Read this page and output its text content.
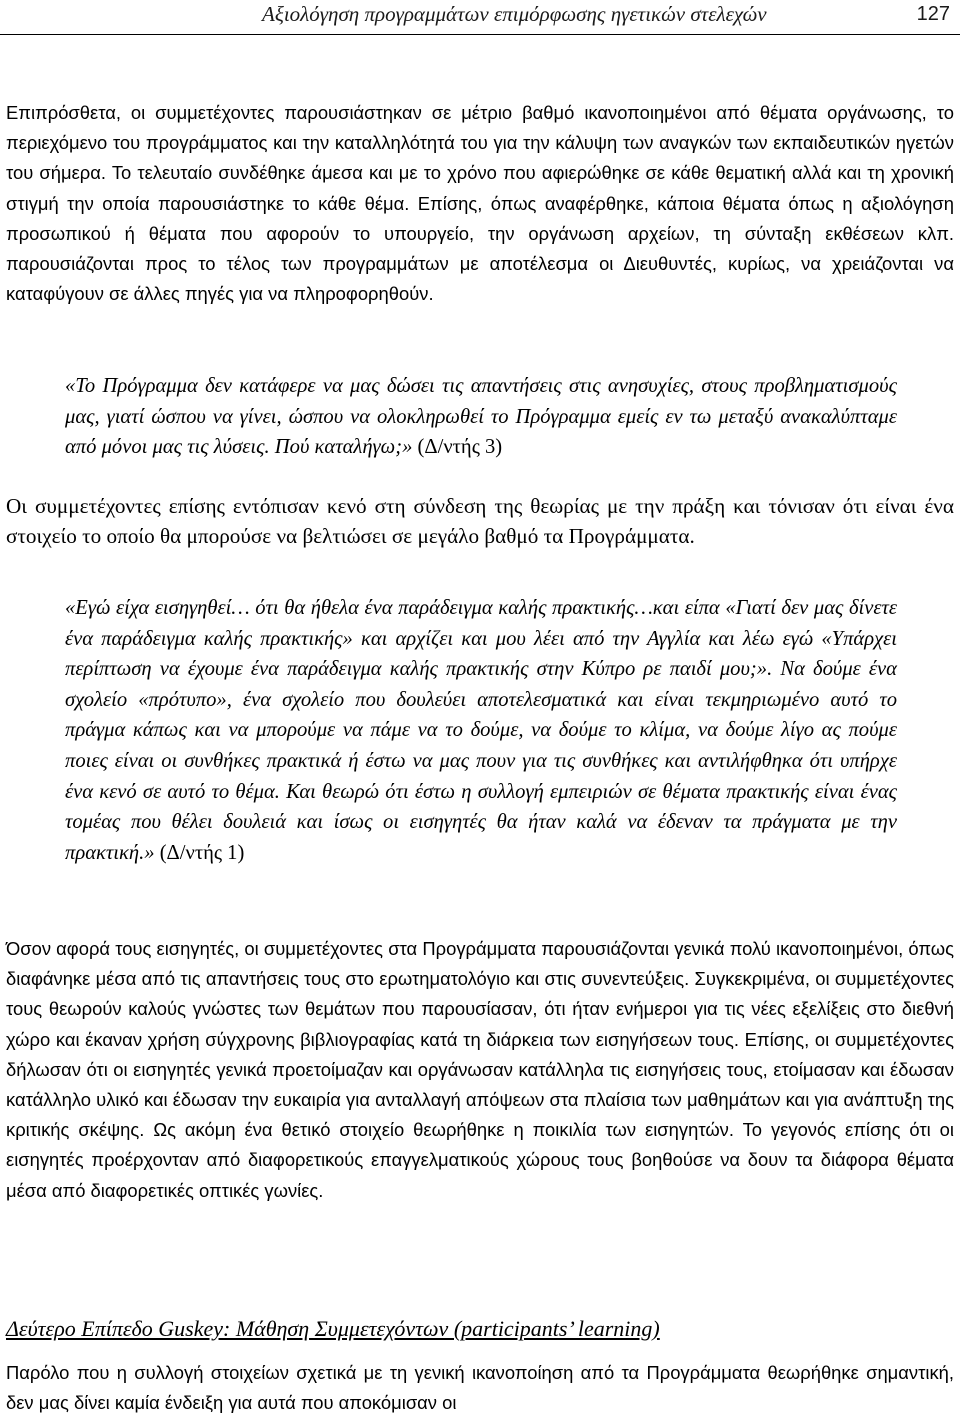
Αξιολόγηση προγραμμάτων επιμόρφωσης ηγετικών στελεχών	127

Επιπρόσθετα, οι συμμετέχοντες παρουσιάστηκαν σε μέτριο βαθμό ικανοποιημένοι από θέματα οργάνωσης, το περιεχόμενο του προγράμματος και την καταλληλότητά του για την κάλυψη των αναγκών των εκπαιδευτικών ηγετών του σήμερα. Το τελευταίο συνδέθηκε άμεσα και με το χρόνο που αφιερώθηκε σε κάθε θεματική αλλά και τη χρονική στιγμή την οποία παρουσιάστηκε το κάθε θέμα. Επίσης, όπως αναφέρθηκε, κάποια θέματα όπως η αξιολόγηση προσωπικού ή θέματα που αφορούν το υπουργείο, την οργάνωση αρχείων, τη σύνταξη εκθέσεων κλπ. παρουσιάζονται προς το τέλος των προγραμμάτων με αποτέλεσμα οι Διευθυντές, κυρίως, να χρειάζονται να καταφύγουν σε άλλες πηγές για να πληροφορηθούν.

«Το Πρόγραμμα δεν κατάφερε να μας δώσει τις απαντήσεις στις ανησυχίες, στους προβληματισμούς μας, γιατί ώσπου να γίνει, ώσπου να ολοκληρωθεί το Πρόγραμμα εμείς εν τω μεταξύ ανακαλύπταμε από μόνοι μας τις λύσεις. Πού καταλήγω;» (Δ/ντής 3)

Οι συμμετέχοντες επίσης εντόπισαν κενό στη σύνδεση της θεωρίας με την πράξη και τόνισαν ότι είναι ένα στοιχείο το οποίο θα μπορούσε να βελτιώσει σε μεγάλο βαθμό τα Προγράμματα.

«Εγώ είχα εισηγηθεί… ότι θα ήθελα ένα παράδειγμα καλής πρακτικής…και είπα «Γιατί δεν μας δίνετε ένα παράδειγμα καλής πρακτικής» και αρχίζει και μου λέει από την Αγγλία και λέω εγώ «Υπάρχει περίπτωση να έχουμε ένα παράδειγμα καλής πρακτικής στην Κύπρο ρε παιδί μου;». Να δούμε ένα σχολείο «πρότυπο», ένα σχολείο που δουλεύει αποτελεσματικά και είναι τεκμηριωμένο αυτό το πράγμα κάπως και να μπορούμε να πάμε να το δούμε, να δούμε το κλίμα, να δούμε λίγο ας πούμε ποιες είναι οι συνθήκες πρακτικά ή έστω να μας πουν για τις συνθήκες και αντιλήφθηκα ότι υπήρχε ένα κενό σε αυτό το θέμα. Και θεωρώ ότι έστω η συλλογή εμπειριών σε θέματα πρακτικής είναι ένας τομέας που θέλει δουλειά και ίσως οι εισηγητές θα ήταν καλά να έδεναν τα πράγματα με την πρακτική.» (Δ/ντής 1)

Όσον αφορά τους εισηγητές, οι συμμετέχοντες στα Προγράμματα παρουσιάζονται γενικά πολύ ικανοποιημένοι, όπως διαφάνηκε μέσα από τις απαντήσεις τους στο ερωτηματολόγιο και στις συνεντεύξεις. Συγκεκριμένα, οι συμμετέχοντες τους θεωρούν καλούς γνώστες των θεμάτων που παρουσίασαν, ότι ήταν ενήμεροι για τις νέες εξελίξεις στο διεθνή χώρο και έκαναν χρήση σύγχρονης βιβλιογραφίας κατά τη διάρκεια των εισηγήσεων τους. Επίσης, οι συμμετέχοντες δήλωσαν ότι οι εισηγητές γενικά προετοίμαζαν και οργάνωσαν κατάλληλα τις εισηγήσεις τους, ετοίμασαν και έδωσαν κατάλληλο υλικό και έδωσαν την ευκαιρία για ανταλλαγή απόψεων στα πλαίσια των μαθημάτων και για ανάπτυξη της κριτικής σκέψης. Ως ακόμη ένα θετικό στοιχείο θεωρήθηκε η ποικιλία των εισηγητών. Το γεγονός επίσης ότι οι εισηγητές προέρχονταν από διαφορετικούς επαγγελματικούς χώρους τους βοηθούσε να δουν τα διάφορα θέματα μέσα από διαφορετικές οπτικές γωνίες.

Δεύτερο Επίπεδο Guskey: Μάθηση Συμμετεχόντων (participants’ learning)

Παρόλο που η συλλογή στοιχείων σχετικά με τη γενική ικανοποίηση από τα Προγράμματα θεωρήθηκε σημαντική, δεν μας δίνει καμία ένδειξη για αυτά που αποκόμισαν οι
